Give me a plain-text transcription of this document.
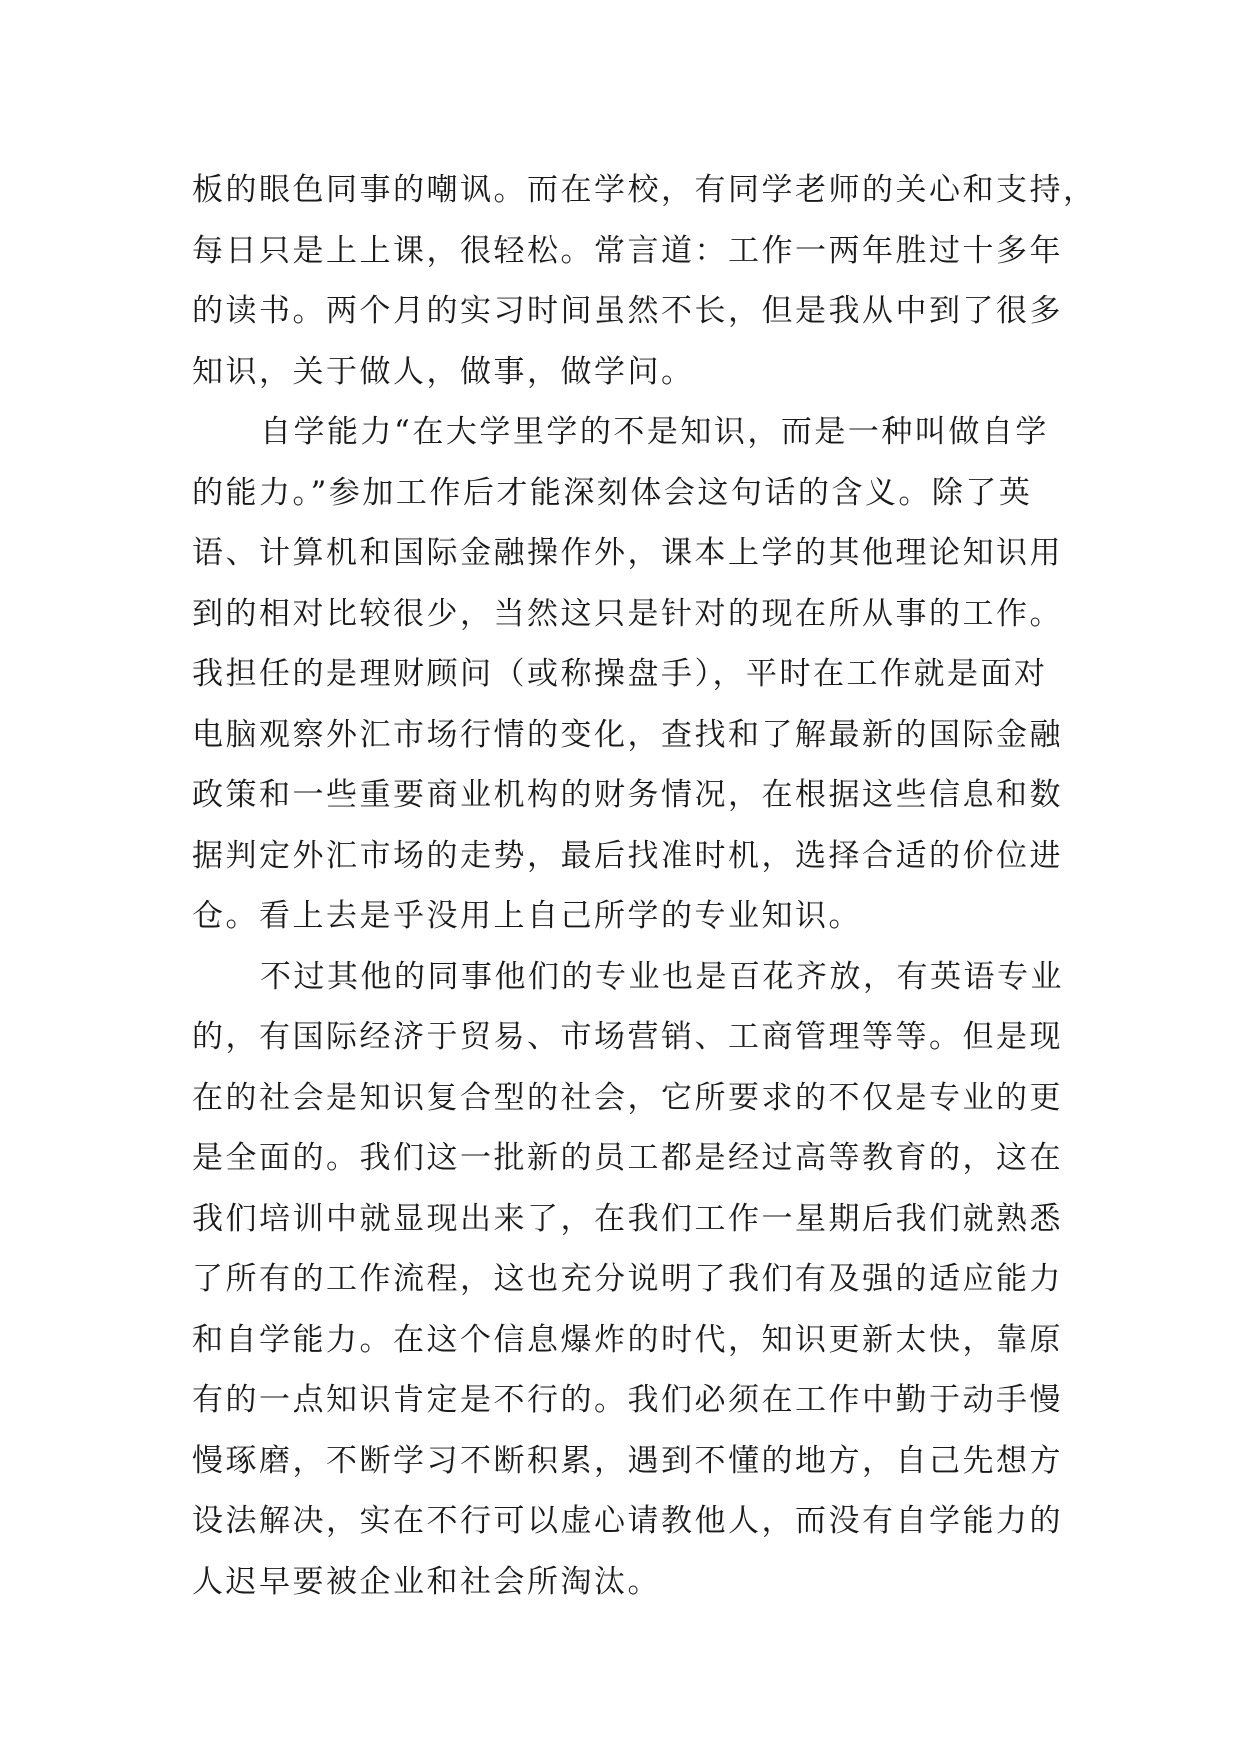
板的眼色同事的嘲讽。而在学校，有同学老师的关心和支持，
每日只是上上课，很轻松。常言道：工作一两年胜过十多年
的读书。两个月的实习时间虽然不长，但是我从中到了很多
知识，关于做人，做事，做学问。
自学能力“在大学里学的不是知识，而是一种叫做自学
的能力。”参加工作后才能深刻体会这句话的含义。除了英
语、计算机和国际金融操作外，课本上学的其他理论知识用
到的相对比较很少，当然这只是针对的现在所从事的工作。
我担任的是理财顾问（或称操盘手），平时在工作就是面对
电脑观察外汇市场行情的变化，查找和了解最新的国际金融
政策和一些重要商业机构的财务情况，在根据这些信息和数
据判定外汇市场的走势，最后找准时机，选择合适的价位进
仓。看上去是乎没用上自己所学的专业知识。
不过其他的同事他们的专业也是百花齐放，有英语专业
的，有国际经济于贸易、市场营销、工商管理等等。但是现
在的社会是知识复合型的社会，它所要求的不仅是专业的更
是全面的。我们这一批新的员工都是经过高等教育的，这在
我们培训中就显现出来了，在我们工作一星期后我们就熟悉
了所有的工作流程，这也充分说明了我们有及强的适应能力
和自学能力。在这个信息爆炸的时代，知识更新太快，靠原
有的一点知识肯定是不行的。我们必须在工作中勤于动手慢
慢琢磨，不断学习不断积累，遇到不懂的地方，自己先想方
设法解决，实在不行可以虚心请教他人，而没有自学能力的
人迟早要被企业和社会所淘汰。
